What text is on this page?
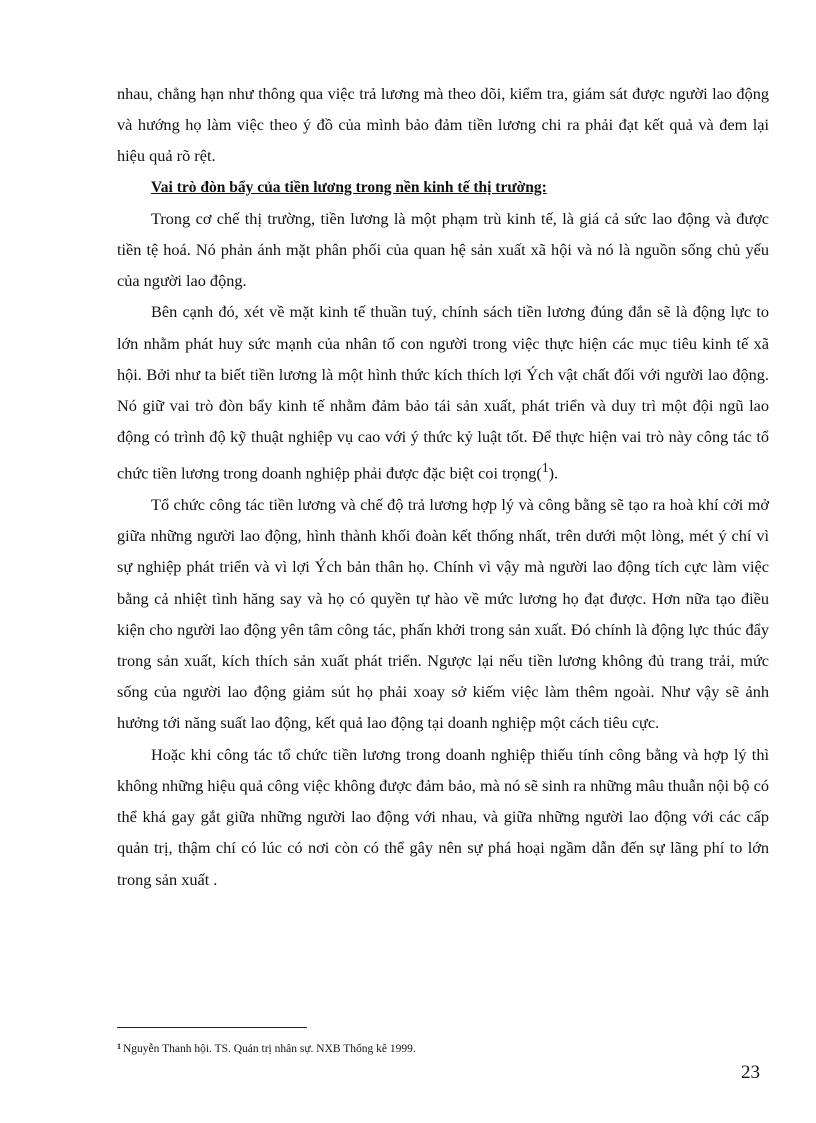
nhau, chẳng hạn như thông qua việc trả lương mà theo dõi, kiểm tra, giám sát được người lao động và hướng họ làm việc theo ý đồ của mình bảo đảm tiền lương chi ra phải đạt kết quả và đem lại hiệu quả rõ rệt.

Vai trò đòn bẩy của tiền lương trong nền kinh tế thị trường:

Trong cơ chế thị trường, tiền lương là một phạm trù kinh tế, là giá cả sức lao động và được tiền tệ hoá. Nó phản ánh mặt phân phối của quan hệ sản xuất xã hội và nó là nguồn sống chủ yếu của người lao động.

Bên cạnh đó, xét về mặt kinh tế thuần tuý, chính sách tiền lương đúng đắn sẽ là động lực to lớn nhằm phát huy sức mạnh của nhân tố con người trong việc thực hiện các mục tiêu kinh tế xã hội. Bởi như ta biết tiền lương là một hình thức kích thích lợi Ých vật chất đối với người lao động. Nó giữ vai trò đòn bẩy kinh tế nhằm đảm bảo tái sản xuất, phát triển và duy trì một đội ngũ lao động có trình độ kỹ thuật nghiệp vụ cao với ý thức kỷ luật tốt. Để thực hiện vai trò này công tác tổ chức tiền lương trong doanh nghiệp phải được đặc biệt coi trọng($^1$).

Tổ chức công tác tiền lương và chế độ trả lương hợp lý và công bằng sẽ tạo ra hoà khí cởi mở giữa những người lao động, hình thành khối đoàn kết thống nhất, trên dưới một lòng, mét ý chí vì sự nghiệp phát triển và vì lợi Ých bản thân họ. Chính vì vậy mà người lao động tích cực làm việc bằng cả nhiệt tình hăng say và họ có quyền tự hào về mức lương họ đạt được. Hơn nữa tạo điều kiện cho người lao động yên tâm công tác, phấn khởi trong sản xuất. Đó chính là động lực thúc đẩy trong sản xuất, kích thích sản xuất phát triển. Ngược lại nếu tiền lương không đủ trang trải, mức sống của người lao động giảm sút họ phải xoay sở kiếm việc làm thêm ngoài. Như vậy sẽ ảnh hưởng tới năng suất lao động, kết quả lao động tại doanh nghiệp một cách tiêu cực.

Hoặc khi công tác tổ chức tiền lương trong doanh nghiệp thiếu tính công bằng và hợp lý thì không những hiệu quả công việc không được đảm bảo, mà nó sẽ sinh ra những mâu thuẫn nội bộ có thể khá gay gắt giữa những người lao động với nhau, và giữa những người lao động với các cấp quản trị, thậm chí có lúc có nơi còn có thể gây nên sự phá hoại ngầm dẫn đến sự lãng phí to lớn trong sản xuất .

$^1$ Nguyễn Thanh hội. TS. Quản trị nhân sự. NXB Thống kê 1999.
23
